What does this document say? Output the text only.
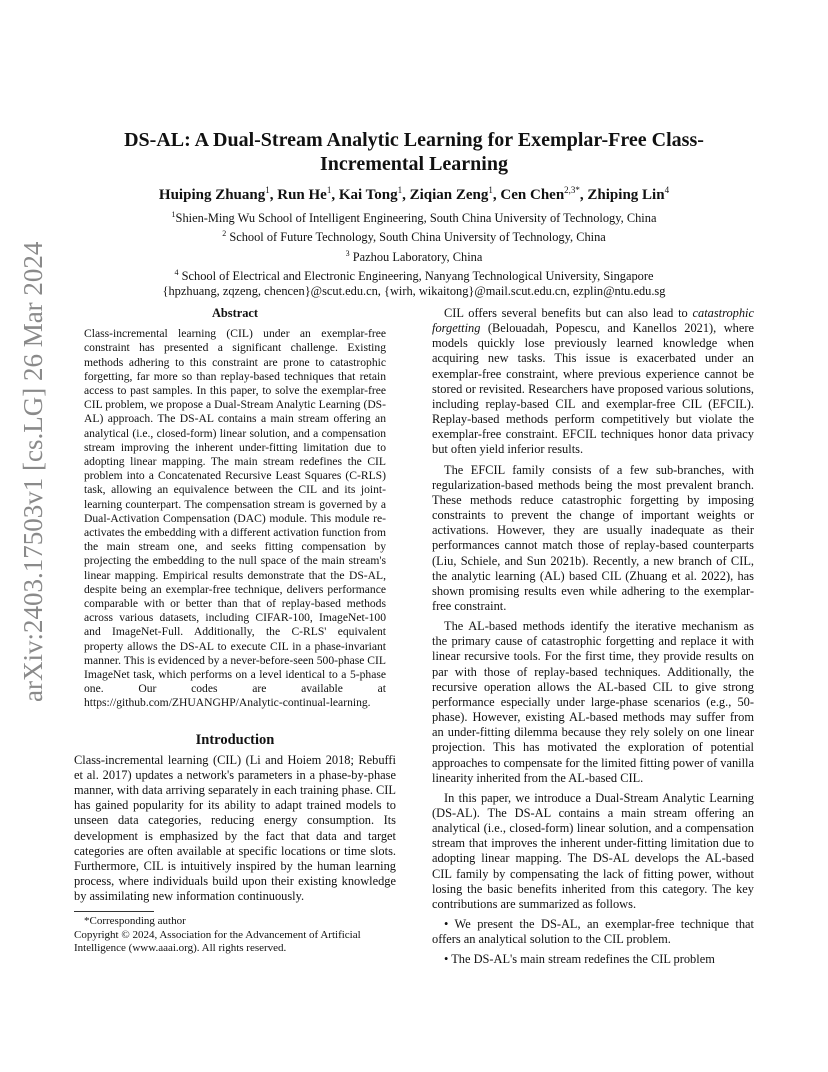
arXiv:2403.17503v1 [cs.LG] 26 Mar 2024
DS-AL: A Dual-Stream Analytic Learning for Exemplar-Free Class-Incremental Learning
Huiping Zhuang$^1$, Run He$^1$, Kai Tong$^1$, Ziqian Zeng$^1$, Cen Chen$^{2,3*}$, Zhiping Lin$^4$
$^1$Shien-Ming Wu School of Intelligent Engineering, South China University of Technology, China
$^2$ School of Future Technology, South China University of Technology, China
$^3$ Pazhou Laboratory, China
$^4$ School of Electrical and Electronic Engineering, Nanyang Technological University, Singapore
{hpzhuang, zqzeng, chencen}@scut.edu.cn, {wirh, wikaitong}@mail.scut.edu.cn, ezplin@ntu.edu.sg
Abstract

Class-incremental learning (CIL) under an exemplar-free constraint has presented a significant challenge. Existing methods adhering to this constraint are prone to catastrophic forgetting, far more so than replay-based techniques that retain access to past samples. In this paper, to solve the exemplar-free CIL problem, we propose a Dual-Stream Analytic Learning (DS-AL) approach. The DS-AL contains a main stream offering an analytical (i.e., closed-form) linear solution, and a compensation stream improving the inherent under-fitting limitation due to adopting linear mapping. The main stream redefines the CIL problem into a Concatenated Recursive Least Squares (C-RLS) task, allowing an equivalence between the CIL and its joint-learning counterpart. The compensation stream is governed by a Dual-Activation Compensation (DAC) module. This module re-activates the embedding with a different activation function from the main stream one, and seeks fitting compensation by projecting the embedding to the null space of the main stream's linear mapping. Empirical results demonstrate that the DS-AL, despite being an exemplar-free technique, delivers performance comparable with or better than that of replay-based methods across various datasets, including CIFAR-100, ImageNet-100 and ImageNet-Full. Additionally, the C-RLS' equivalent property allows the DS-AL to execute CIL in a phase-invariant manner. This is evidenced by a never-before-seen 500-phase CIL ImageNet task, which performs on a level identical to a 5-phase one. Our codes are available at https://github.com/ZHUANGHP/Analytic-continual-learning.

Introduction

Class-incremental learning (CIL) (Li and Hoiem 2018; Rebuffi et al. 2017) updates a network's parameters in a phase-by-phase manner, with data arriving separately in each training phase. CIL has gained popularity for its ability to adapt trained models to unseen data categories, reducing energy consumption. Its development is emphasized by the fact that data and target categories are often available at specific locations or time slots. Furthermore, CIL is intuitively inspired by the human learning process, where individuals build upon their existing knowledge by assimilating new information continuously.

*Corresponding author
Copyright © 2024, Association for the Advancement of Artificial Intelligence (www.aaai.org). All rights reserved.

CIL offers several benefits but can also lead to catastrophic forgetting (Belouadah, Popescu, and Kanellos 2021), where models quickly lose previously learned knowledge when acquiring new tasks. This issue is exacerbated under an exemplar-free constraint, where previous experience cannot be stored or revisited. Researchers have proposed various solutions, including replay-based CIL and exemplar-free CIL (EFCIL). Replay-based methods perform competitively but violate the exemplar-free constraint. EFCIL techniques honor data privacy but often yield inferior results.

The EFCIL family consists of a few sub-branches, with regularization-based methods being the most prevalent branch. These methods reduce catastrophic forgetting by imposing constraints to prevent the change of important weights or activations. However, they are usually inadequate as their performances cannot match those of replay-based counterparts (Liu, Schiele, and Sun 2021b). Recently, a new branch of CIL, the analytic learning (AL) based CIL (Zhuang et al. 2022), has shown promising results even while adhering to the exemplar-free constraint.

The AL-based methods identify the iterative mechanism as the primary cause of catastrophic forgetting and replace it with linear recursive tools. For the first time, they provide results on par with those of replay-based techniques. Additionally, the recursive operation allows the AL-based CIL to give strong performance especially under large-phase scenarios (e.g., 50-phase). However, existing AL-based methods may suffer from an under-fitting dilemma because they rely solely on one linear projection. This has motivated the exploration of potential approaches to compensate for the limited fitting power of vanilla linearity inherited from the AL-based CIL.

In this paper, we introduce a Dual-Stream Analytic Learning (DS-AL). The DS-AL contains a main stream offering an analytical (i.e., closed-form) linear solution, and a compensation stream that improves the inherent under-fitting limitation due to adopting linear mapping. The DS-AL develops the AL-based CIL family by compensating the lack of fitting power, without losing the basic benefits inherited from this category. The key contributions are summarized as follows.

• We present the DS-AL, an exemplar-free technique that offers an analytical solution to the CIL problem.

• The DS-AL's main stream redefines the CIL problem
